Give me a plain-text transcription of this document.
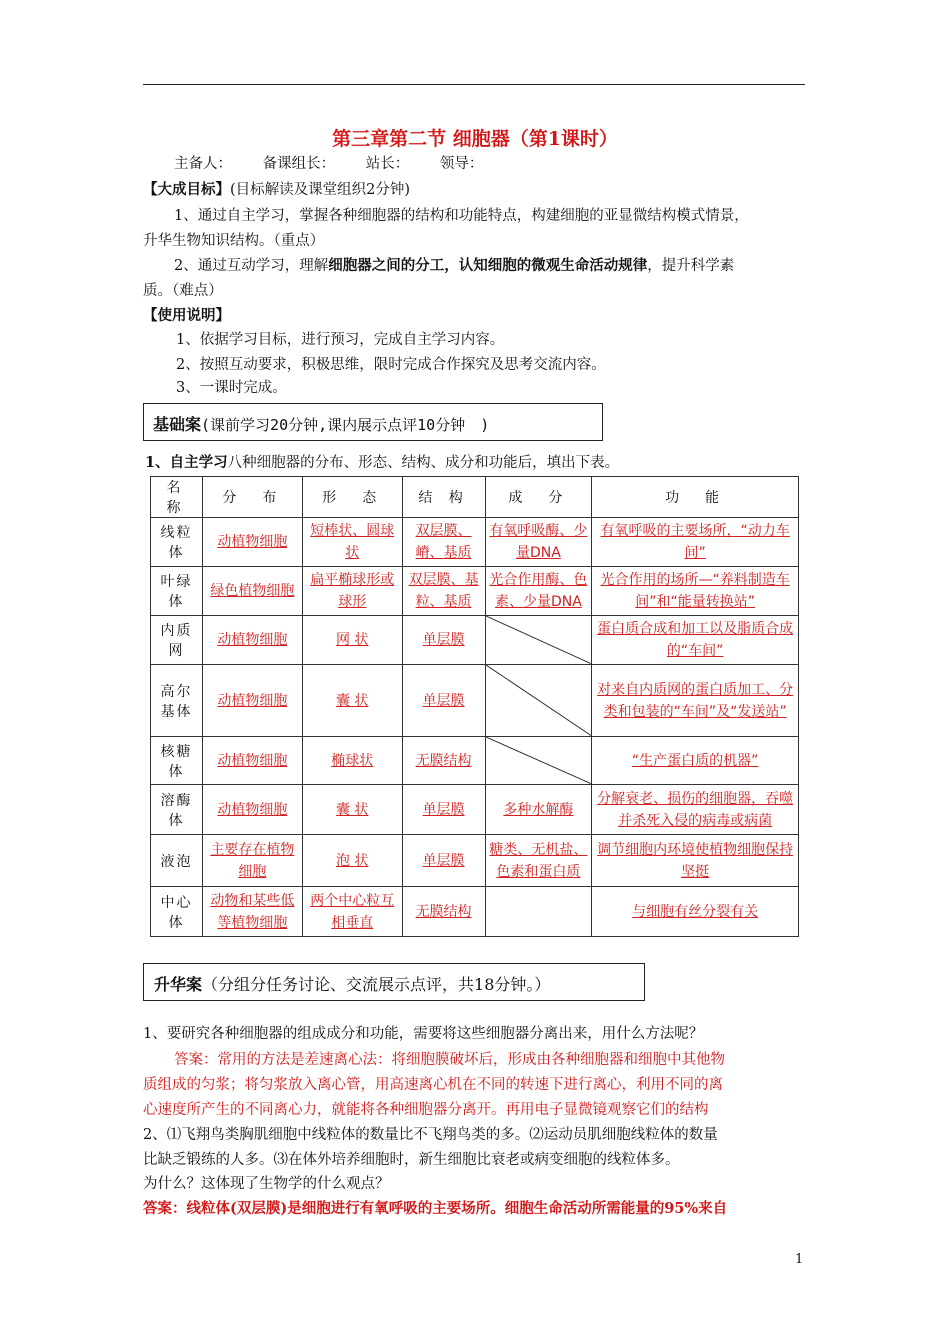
第三章第二节 细胞器（第1课时）
主备人： 备课组长： 站长： 领导：
【大成目标】(目标解读及课堂组织2分钟)
1、通过自主学习，掌握各种细胞器的结构和功能特点，构建细胞的亚显微结构模式情景，
升华生物知识结构。（重点）
2、通过互动学习，理解细胞器之间的分工，认知细胞的微观生命活动规律，提升科学素
质。（难点）
【使用说明】
1、依据学习目标，进行预习，完成自主学习内容。
2、按照互动要求，积极思维，限时完成合作探究及思考交流内容。
3、一课时完成。
基础案(课前学习20分钟,课内展示点评10分钟　)
1、自主学习八种细胞器的分布、形态、结构、成分和功能后，填出下表。
名 称	分　布	形　态	结 构	成　分	功　能
线粒体	动植物细胞	短棒状、圆球状	双层膜、嵴、基质	有氧呼吸酶、少量DNA	有氧呼吸的主要场所，“动力车间”
叶绿体	绿色植物细胞	扁平椭球形或球形	双层膜、基粒、基质	光合作用酶、色素、少量DNA	光合作用的场所—“养料制造车间”和“能量转换站”
内质网	动植物细胞	网 状	单层膜		蛋白质合成和加工以及脂质合成的“车间”
高尔基体	动植物细胞	囊 状	单层膜		对来自内质网的蛋白质加工、分类和包装的“车间”及“发送站”
核糖体	动植物细胞	椭球状	无膜结构		“生产蛋白质的机器”
溶酶体	动植物细胞	囊 状	单层膜	多种水解酶	分解衰老、损伤的细胞器，吞噬并杀死入侵的病毒或病菌
液泡	主要存在植物细胞	泡 状	单层膜	糖类、无机盐、色素和蛋白质	调节细胞内环境使植物细胞保持坚挺
中心体	动物和某些低等植物细胞	两个中心粒互相垂直	无膜结构		与细胞有丝分裂有关
升华案（分组分任务讨论、交流展示点评，共18分钟。）
1、要研究各种细胞器的组成成分和功能，需要将这些细胞器分离出来，用什么方法呢？
答案：常用的方法是差速离心法：将细胞膜破坏后，形成由各种细胞器和细胞中其他物
质组成的匀浆；将匀浆放入离心管，用高速离心机在不同的转速下进行离心，利用不同的离
心速度所产生的不同离心力，就能将各种细胞器分离开。再用电子显微镜观察它们的结构
2、⑴飞翔鸟类胸肌细胞中线粒体的数量比不飞翔鸟类的多。⑵运动员肌细胞线粒体的数量
比缺乏锻练的人多。⑶在体外培养细胞时，新生细胞比衰老或病变细胞的线粒体多。
为什么？这体现了生物学的什么观点？
答案：线粒体(双层膜)是细胞进行有氧呼吸的主要场所。细胞生命活动所需能量的95%来自
1
